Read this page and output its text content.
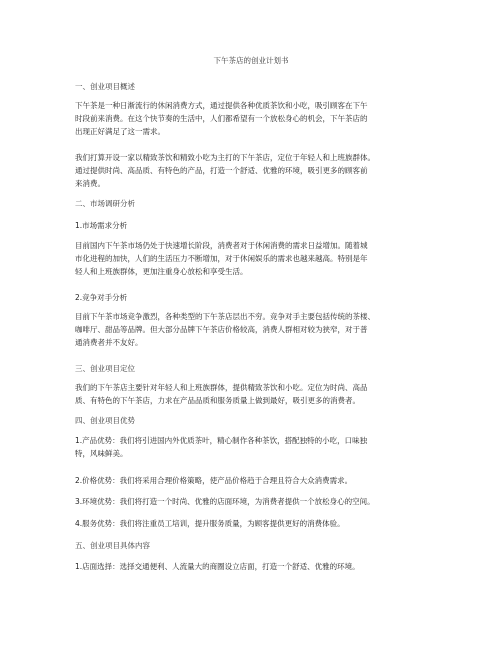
下午茶店的创业计划书
一、创业项目概述
下午茶是一种日渐流行的休闲消费方式，通过提供各种优质茶饮和小吃，吸引顾客在下午
时段前来消费。在这个快节奏的生活中，人们都希望有一个放松身心的机会，下午茶店的
出现正好满足了这一需求。
我们打算开设一家以精致茶饮和精致小吃为主打的下午茶店，定位于年轻人和上班族群体。
通过提供时尚、高品质、有特色的产品，打造一个舒适、优雅的环境，吸引更多的顾客前
来消费。
二、市场调研分析
1.市场需求分析
目前国内下午茶市场仍处于快速增长阶段，消费者对于休闲消费的需求日益增加。随着城
市化进程的加快，人们的生活压力不断增加，对于休闲娱乐的需求也越来越高。特别是年
轻人和上班族群体，更加注重身心放松和享受生活。
2.竞争对手分析
目前下午茶市场竞争激烈，各种类型的下午茶店层出不穷。竞争对手主要包括传统的茶楼、
咖啡厅、甜品等品牌。但大部分品牌下午茶店价格较高，消费人群相对较为狭窄，对于普
通消费者并不友好。
三、创业项目定位
我们的下午茶店主要针对年轻人和上班族群体，提供精致茶饮和小吃。定位为时尚、高品
质、有特色的下午茶店，力求在产品品质和服务质量上做到最好，吸引更多的消费者。
四、创业项目优势
1.产品优势：我们将引进国内外优质茶叶，精心制作各种茶饮，搭配独特的小吃，口味独
特，风味鲜美。
2.价格优势：我们将采用合理价格策略，使产品价格趋于合理且符合大众消费需求。
3.环境优势：我们将打造一个时尚、优雅的店面环境，为消费者提供一个放松身心的空间。
4.服务优势：我们将注重员工培训，提升服务质量，为顾客提供更好的消费体验。
五、创业项目具体内容
1.店面选择：选择交通便利、人流量大的商圈设立店面，打造一个舒适、优雅的环境。
